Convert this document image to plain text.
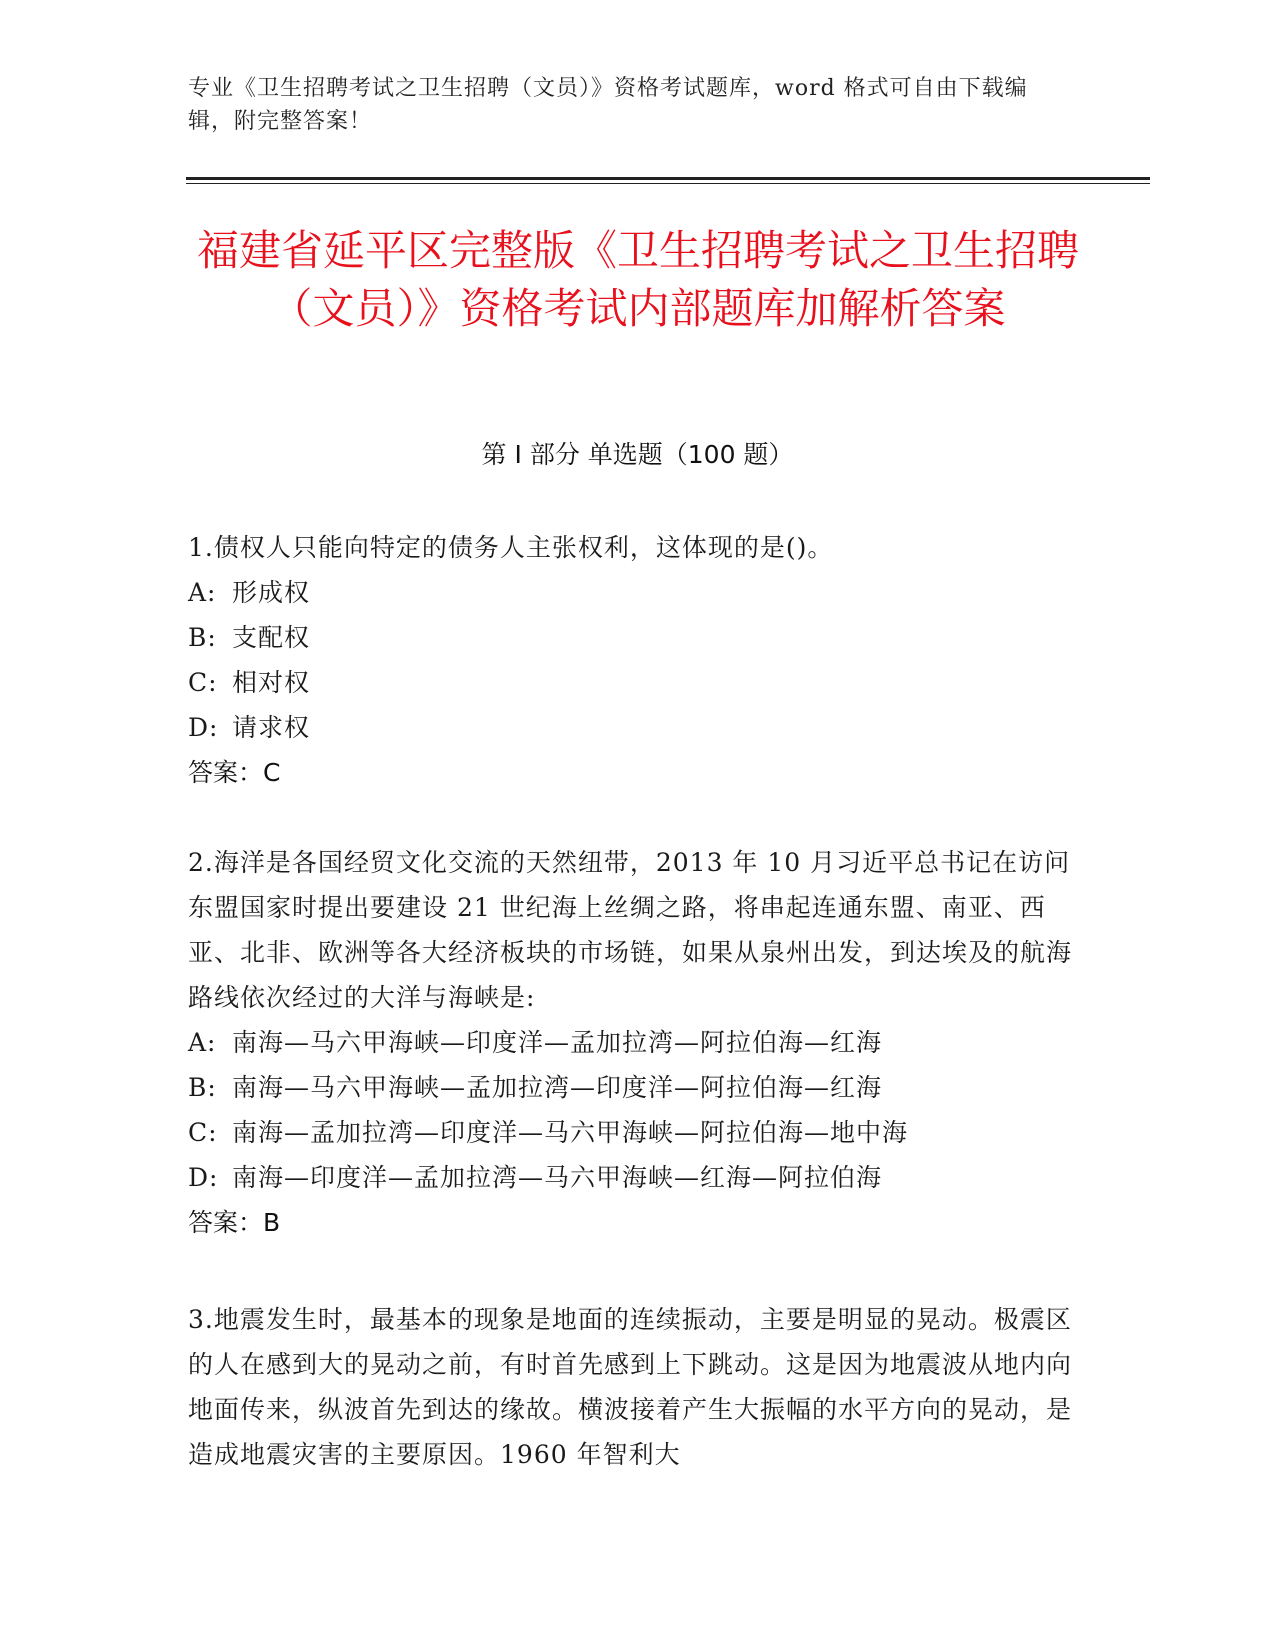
专业《卫生招聘考试之卫生招聘（文员）》资格考试题库，word 格式可自由下载编辑，附完整答案！
福建省延平区完整版《卫生招聘考试之卫生招聘（文员）》资格考试内部题库加解析答案
第 I 部分 单选题（100 题）

1.债权人只能向特定的债务人主张权利，这体现的是()。

A: 形成权

B: 支配权

C: 相对权

D: 请求权

答案：C

2.海洋是各国经贸文化交流的天然纽带，2013 年 10 月习近平总书记在访问东盟国家时提出要建设 21 世纪海上丝绸之路，将串起连通东盟、南亚、西亚、北非、欧洲等各大经济板块的市场链，如果从泉州出发，到达埃及的航海路线依次经过的大洋与海峡是:

A: 南海—马六甲海峡—印度洋—孟加拉湾—阿拉伯海—红海

B: 南海—马六甲海峡—孟加拉湾—印度洋—阿拉伯海—红海

C: 南海—孟加拉湾—印度洋—马六甲海峡—阿拉伯海—地中海

D: 南海—印度洋—孟加拉湾—马六甲海峡—红海—阿拉伯海

答案：B

3.地震发生时，最基本的现象是地面的连续振动，主要是明显的晃动。极震区的人在感到大的晃动之前，有时首先感到上下跳动。这是因为地震波从地内向地面传来，纵波首先到达的缘故。横波接着产生大振幅的水平方向的晃动，是造成地震灾害的主要原因。1960 年智利大
